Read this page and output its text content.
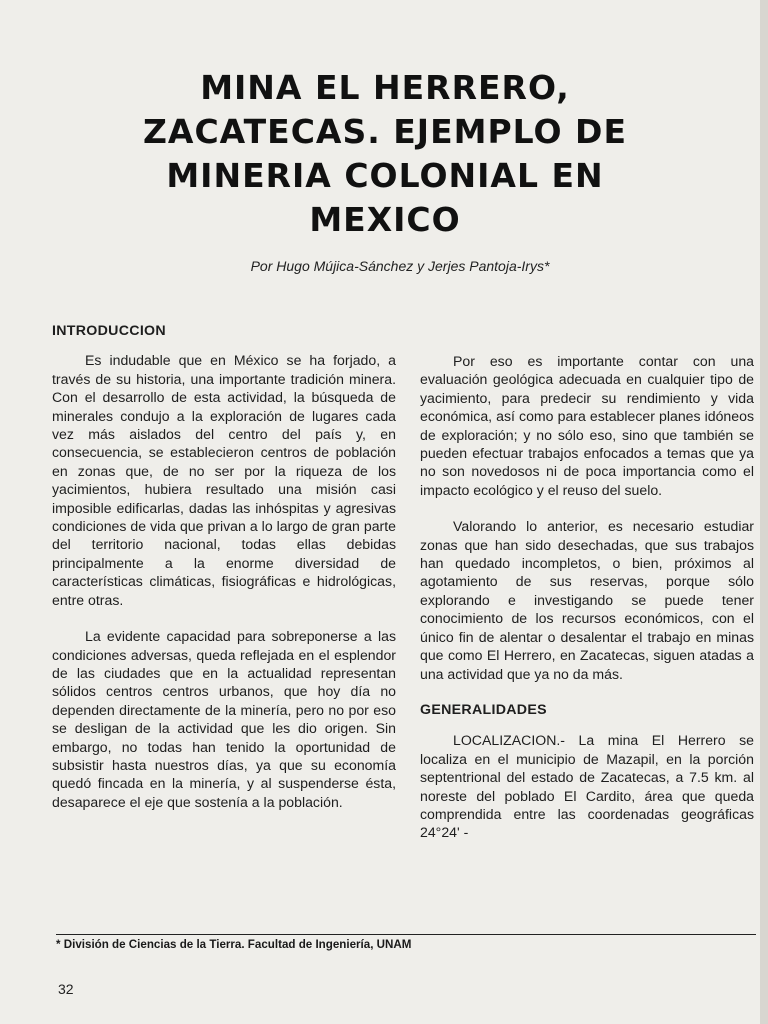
MINA EL HERRERO,
ZACATECAS. EJEMPLO DE
MINERIA COLONIAL EN
MEXICO
Por Hugo Mújica-Sánchez y Jerjes Pantoja-Irys*
INTRODUCCION

Es indudable que en México se ha forjado, a través de su historia, una importante tradición minera. Con el desarrollo de esta actividad, la búsqueda de minerales condujo a la exploración de lugares cada vez más aislados del centro del país y, en consecuencia, se establecieron centros de población en zonas que, de no ser por la riqueza de los yacimientos, hubiera resultado una misión casi imposible edificarlas, dadas las inhóspitas y agresivas condiciones de vida que privan a lo largo de gran parte del territorio nacional, todas ellas debidas principalmente a la enorme diversidad de características climáticas, fisiográficas e hidrológicas, entre otras.

La evidente capacidad para sobreponerse a las condiciones adversas, queda reflejada en el esplendor de las ciudades que en la actualidad representan sólidos centros centros urbanos, que hoy día no dependen directamente de la minería, pero no por eso se desligan de la actividad que les dio origen. Sin embargo, no todas han tenido la oportunidad de subsistir hasta nuestros días, ya que su economía quedó fincada en la minería, y al suspenderse ésta, desaparece el eje que sostenía a la población.

Por eso es importante contar con una evaluación geológica adecuada en cualquier tipo de yacimiento, para predecir su rendimiento y vida económica, así como para establecer planes idóneos de exploración; y no sólo eso, sino que también se pueden efectuar trabajos enfocados a temas que ya no son novedosos ni de poca importancia como el impacto ecológico y el reuso del suelo.

Valorando lo anterior, es necesario estudiar zonas que han sido desechadas, que sus trabajos han quedado incompletos, o bien, próximos al agotamiento de sus reservas, porque sólo explorando e investigando se puede tener conocimiento de los recursos económicos, con el único fin de alentar o desalentar el trabajo en minas que como El Herrero, en Zacatecas, siguen atadas a una actividad que ya no da más.

GENERALIDADES

LOCALIZACION.- La mina El Herrero se localiza en el municipio de Mazapil, en la porción septentrional del estado de Zacatecas, a 7.5 km. al noreste del poblado El Cardito, área que queda comprendida entre las coordenadas geográficas 24°24' -

* División de Ciencias de la Tierra. Facultad de Ingeniería, UNAM
32
